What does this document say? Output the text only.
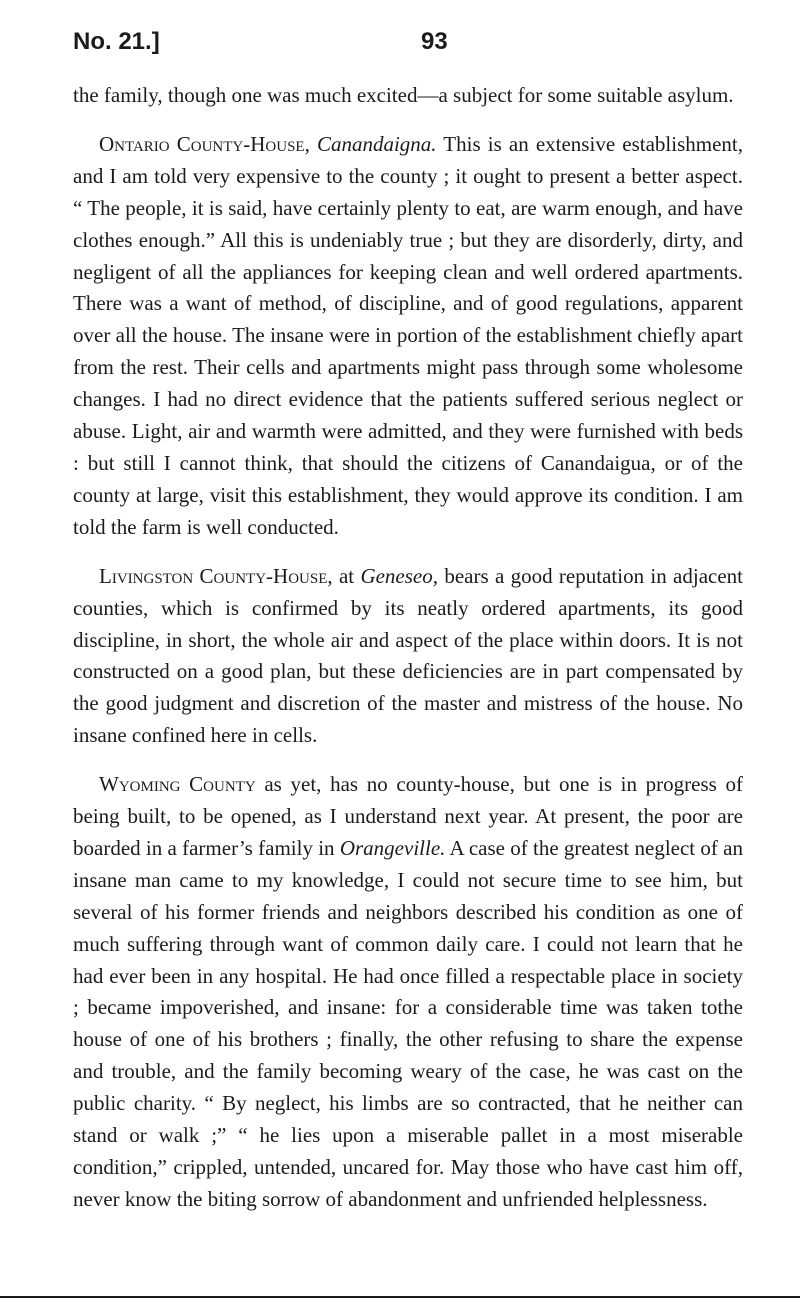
No. 21.]	93

the family, though one was much excited—a subject for some suitable asylum.

Ontario County-House, Canandaigna. This is an extensive establishment, and I am told very expensive to the county ; it ought to present a better aspect. “ The people, it is said, have certainly plenty to eat, are warm enough, and have clothes enough.” All this is undeniably true ; but they are disorderly, dirty, and negligent of all the appliances for keeping clean and well ordered apartments. There was a want of method, of discipline, and of good regulations, apparent over all the house. The insane were in portion of the establishment chiefly apart from the rest. Their cells and apartments might pass through some wholesome changes. I had no direct evidence that the patients suffered serious neglect or abuse. Light, air and warmth were admitted, and they were furnished with beds : but still I cannot think, that should the citizens of Canandaigua, or of the county at large, visit this establishment, they would approve its condition. I am told the farm is well conducted.

Livingston County-House, at Geneseo, bears a good reputation in adjacent counties, which is confirmed by its neatly ordered apartments, its good discipline, in short, the whole air and aspect of the place within doors. It is not constructed on a good plan, but these deficiencies are in part compensated by the good judgment and discretion of the master and mistress of the house. No insane confined here in cells.

Wyoming County as yet, has no county-house, but one is in progress of being built, to be opened, as I understand next year. At present, the poor are boarded in a farmer’s family in Orangeville. A case of the greatest neglect of an insane man came to my knowledge, I could not secure time to see him, but several of his former friends and neighbors described his condition as one of much suffering through want of common daily care. I could not learn that he had ever been in any hospital. He had once filled a respectable place in society ; became impoverished, and insane: for a considerable time was taken tothe house of one of his brothers ; finally, the other refusing to share the expense and trouble, and the family becoming weary of the case, he was cast on the public charity. “ By neglect, his limbs are so contracted, that he neither can stand or walk ;” “ he lies upon a miserable pallet in a most miserable condition,” crippled, untended, uncared for. May those who have cast him off, never know the biting sorrow of abandonment and unfriended helplessness.
